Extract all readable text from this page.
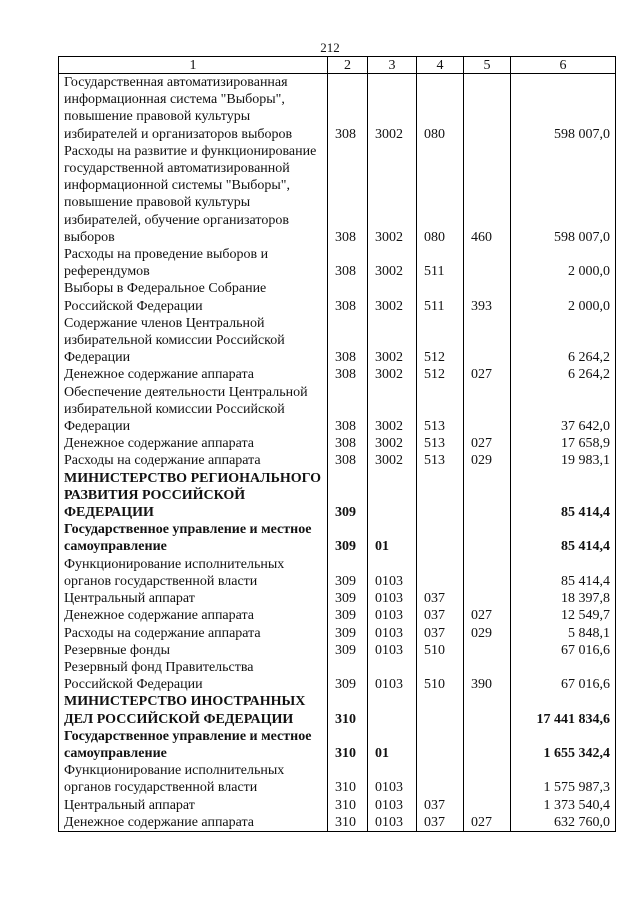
212
1	2	3	4	5	6
Государственная автоматизированная информационная система "Выборы", повышение правовой культуры избирателей и организаторов выборов	308	3002	080		598 007,0
Расходы на развитие и функционирование государственной автоматизированной информационной системы "Выборы", повышение правовой культуры избирателей, обучение организаторов выборов	308	3002	080	460	598 007,0
Расходы на проведение выборов и референдумов	308	3002	511		2 000,0
Выборы в Федеральное Собрание Российской Федерации	308	3002	511	393	2 000,0
Содержание членов Центральной избирательной комиссии Российской Федерации	308	3002	512		6 264,2
Денежное содержание аппарата	308	3002	512	027	6 264,2
Обеспечение деятельности Центральной избирательной комиссии Российской Федерации	308	3002	513		37 642,0
Денежное содержание аппарата	308	3002	513	027	17 658,9
Расходы на содержание аппарата	308	3002	513	029	19 983,1
МИНИСТЕРСТВО РЕГИОНАЛЬНОГО РАЗВИТИЯ РОССИЙСКОЙ ФЕДЕРАЦИИ	309				85 414,4
Государственное управление и местное самоуправление	309	01			85 414,4
Функционирование исполнительных органов государственной власти	309	0103			85 414,4
Центральный аппарат	309	0103	037		18 397,8
Денежное содержание аппарата	309	0103	037	027	12 549,7
Расходы на содержание аппарата	309	0103	037	029	5 848,1
Резервные фонды	309	0103	510		67 016,6
Резервный фонд Правительства Российской Федерации	309	0103	510	390	67 016,6
МИНИСТЕРСТВО ИНОСТРАННЫХ ДЕЛ РОССИЙСКОЙ ФЕДЕРАЦИИ	310				17 441 834,6
Государственное управление и местное самоуправление	310	01			1 655 342,4
Функционирование исполнительных органов государственной власти	310	0103			1 575 987,3
Центральный аппарат	310	0103	037		1 373 540,4
Денежное содержание аппарата	310	0103	037	027	632 760,0
